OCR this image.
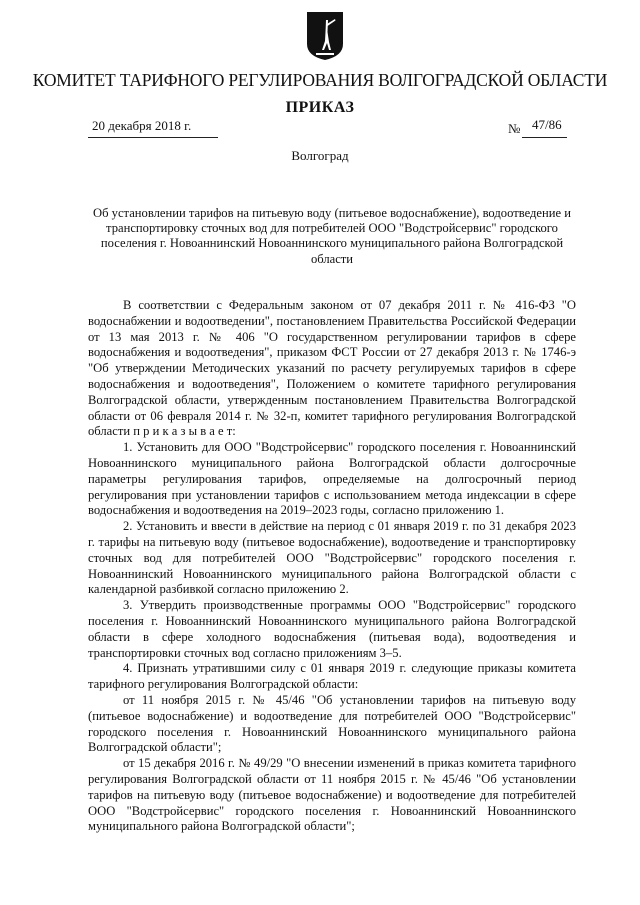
КОМИТЕТ ТАРИФНОГО РЕГУЛИРОВАНИЯ ВОЛГОГРАДСКОЙ ОБЛАСТИ
ПРИКАЗ
20 декабря 2018 г.	№ 47/86
Волгоград
Об установлении тарифов на питьевую воду (питьевое водоснабжение), водоотведение и транспортировку сточных вод для потребителей ООО "Водстройсервис" городского поселения г. Новоаннинский Новоаннинского муниципального района Волгоградской области

В соответствии с Федеральным законом от 07 декабря 2011 г. № 416-ФЗ "О водоснабжении и водоотведении", постановлением Правительства Российской Федерации от 13 мая 2013 г. № 406 "О государственном регулировании тарифов в сфере водоснабжения и водоотведения", приказом ФСТ России от 27 декабря 2013 г. № 1746-э "Об утверждении Методических указаний по расчету регулируемых тарифов в сфере водоснабжения и водоотведения", Положением о комитете тарифного регулирования Волгоградской области, утвержденным постановлением Правительства Волгоградской области от 06 февраля 2014 г. № 32-п, комитет тарифного регулирования Волгоградской области п р и к а з ы в а е т:

1. Установить для ООО "Водстройсервис" городского поселения г. Новоаннинский Новоаннинского муниципального района Волгоградской области долгосрочные параметры регулирования тарифов, определяемые на долгосрочный период регулирования при установлении тарифов с использованием метода индексации в сфере водоснабжения и водоотведения на 2019–2023 годы, согласно приложению 1.

2. Установить и ввести в действие на период с 01 января 2019 г. по 31 декабря 2023 г. тарифы на питьевую воду (питьевое водоснабжение), водоотведение и транспортировку сточных вод для потребителей ООО "Водстройсервис" городского поселения г. Новоаннинский Новоаннинского муниципального района Волгоградской области с календарной разбивкой согласно приложению 2.

3. Утвердить производственные программы ООО "Водстройсервис" городского поселения г. Новоаннинский Новоаннинского муниципального района Волгоградской области в сфере холодного водоснабжения (питьевая вода), водоотведения и транспортировки сточных вод согласно приложениям 3–5.

4. Признать утратившими силу с 01 января 2019 г. следующие приказы комитета тарифного регулирования Волгоградской области:

от 11 ноября 2015 г. № 45/46 "Об установлении тарифов на питьевую воду (питьевое водоснабжение) и водоотведение для потребителей ООО "Водстройсервис" городского поселения г. Новоаннинский Новоаннинского муниципального района Волгоградской области";

от 15 декабря 2016 г. № 49/29 "О внесении изменений в приказ комитета тарифного регулирования Волгоградской области от 11 ноября 2015 г. № 45/46 "Об установлении тарифов на питьевую воду (питьевое водоснабжение) и водоотведение для потребителей ООО "Водстройсервис" городского поселения г. Новоаннинский Новоаннинского муниципального района Волгоградской области";
